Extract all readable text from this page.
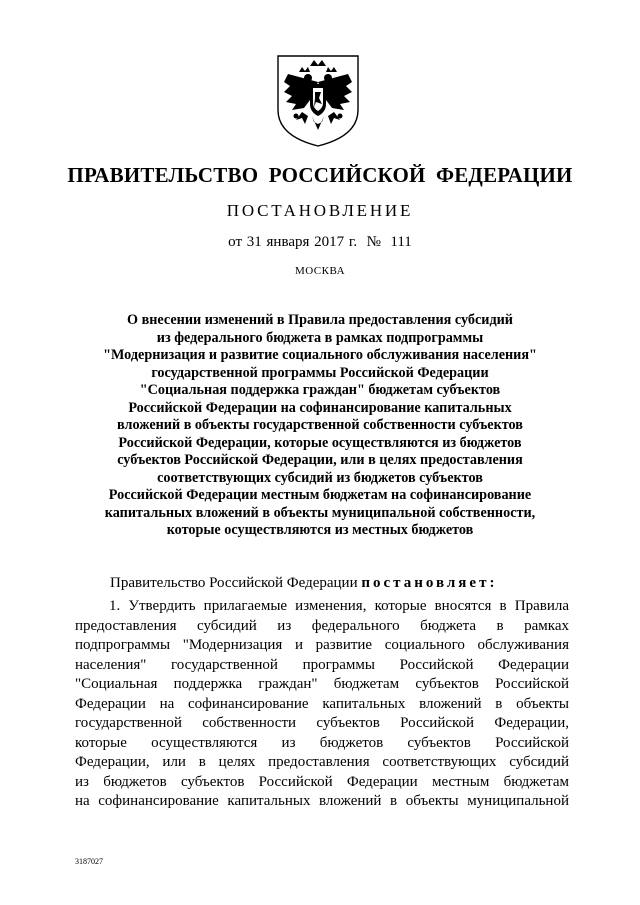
ПРАВИТЕЛЬСТВО РОССИЙСКОЙ ФЕДЕРАЦИИ
ПОСТАНОВЛЕНИЕ
от 31 января 2017 г.  №  111
МОСКВА
О внесении изменений в Правила предоставления субсидий
из федерального бюджета в рамках подпрограммы
"Модернизация и развитие социального обслуживания населения"
государственной программы Российской Федерации
"Социальная поддержка граждан" бюджетам субъектов
Российской Федерации на софинансирование капитальных
вложений в объекты государственной собственности субъектов
Российской Федерации, которые осуществляются из бюджетов
субъектов Российской Федерации, или в целях предоставления
соответствующих субсидий из бюджетов субъектов
Российской Федерации местным бюджетам на софинансирование
капитальных вложений в объекты муниципальной собственности,
которые осуществляются из местных бюджетов
Правительство Российской Федерации постановляет:
1. Утвердить прилагаемые изменения, которые вносятся в Правила
предоставления субсидий из федерального бюджета в рамках
подпрограммы "Модернизация и развитие социального обслуживания
населения" государственной программы Российской Федерации
"Социальная поддержка граждан" бюджетам субъектов Российской
Федерации на софинансирование капитальных вложений в объекты
государственной собственности субъектов Российской Федерации,
которые осуществляются из бюджетов субъектов Российской
Федерации, или в целях предоставления соответствующих субсидий
из бюджетов субъектов Российской Федерации местным бюджетам
на софинансирование капитальных вложений в объекты муниципальной
3187027
